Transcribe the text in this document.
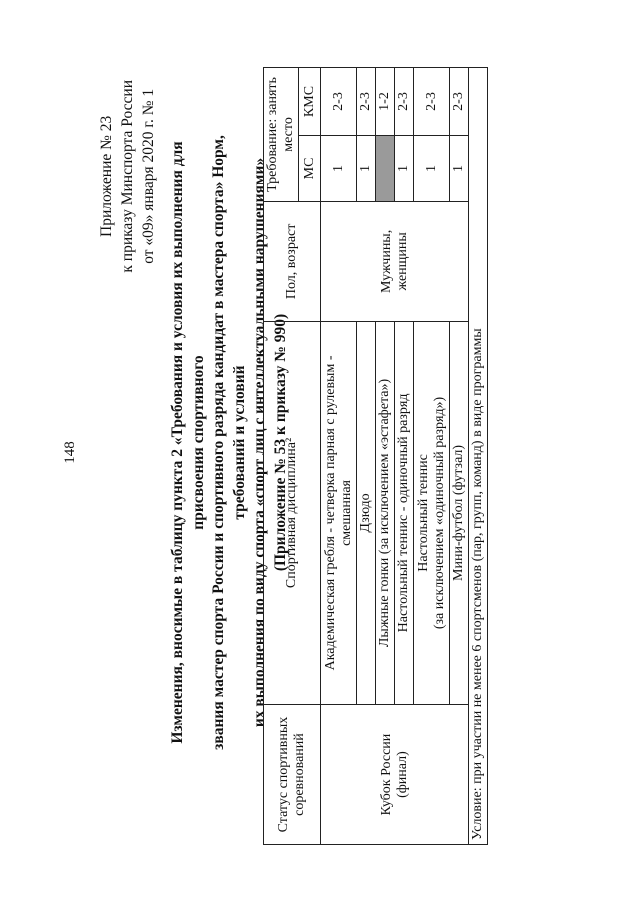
148
Приложение № 23 к приказу Минспорта России от «09» января 2020 г. № 1 Изменения, вносимые в таблицу пункта 2 «Требования и условия их выполнения для присвоения спортивного звания мастер спорта России и спортивного разряда кандидат в мастера спорта» Норм, требований и условий их выполнения по виду спорта «спорт лиц с интеллектуальными нарушениями» (Приложение № 53 к приказу № 990)
Статус спортивных соревнований	Спортивная дисциплина²	Пол, возраст	Требование: занять место	
			МС	КМС
Кубок России (финал)	Академическая гребля - четверка парная с рулевым - смешанная	Мужчины, женщины	1	2-3
	Дзюдо		1	2-3
	Лыжные гонки (за исключением «эстафета»)			1-2
	Настольный теннис - одиночный разряд		1	2-3

	Настольный теннис (за исключением «одиночный разряд»)		1	2-3
	Мини-футбол (футзал)		1	2-3
Условие: при участии не менее 6 спортсменов (пар, групп, команд) в виде программы				
